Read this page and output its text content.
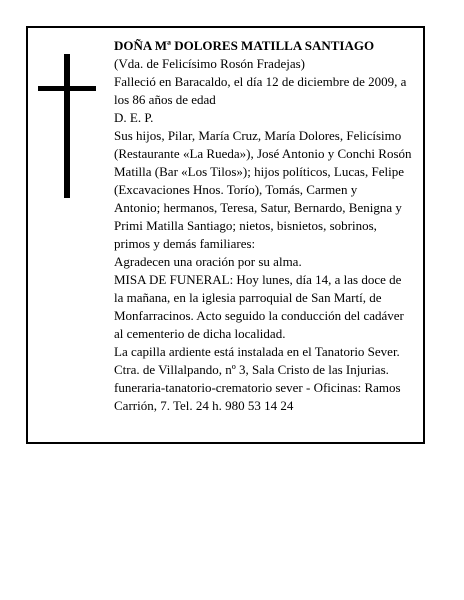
DOÑA Mª DOLORES MATILLA SANTIAGO

(Vda. de Felicísimo Rosón Fradejas)

Falleció en Baracaldo, el día 12 de diciembre de 2009, a

los 86 años de edad

D. E. P.

Sus hijos, Pilar, María Cruz, María Dolores, Felicísimo

(Restaurante «La Rueda»), José Antonio y Conchi Rosón

Matilla (Bar «Los Tilos»); hijos políticos, Lucas, Felipe

(Excavaciones Hnos. Torío), Tomás, Carmen y

Antonio; hermanos, Teresa, Satur, Bernardo, Benigna y

Primi Matilla Santiago; nietos, bisnietos, sobrinos,

primos y demás familiares:

Agradecen una oración por su alma.

MISA DE FUNERAL: Hoy lunes, día 14, a las doce de

la mañana, en la iglesia parroquial de San Martí, de

Monfarracinos. Acto seguido la conducción del cadáver

al cementerio de dicha localidad.

La capilla ardiente está instalada en el Tanatorio Sever.

Ctra. de Villalpando, nº 3, Sala Cristo de las Injurias.

funeraria-tanatorio-crematorio sever - Oficinas: Ramos

Carrión, 7. Tel. 24 h. 980 53 14 24
